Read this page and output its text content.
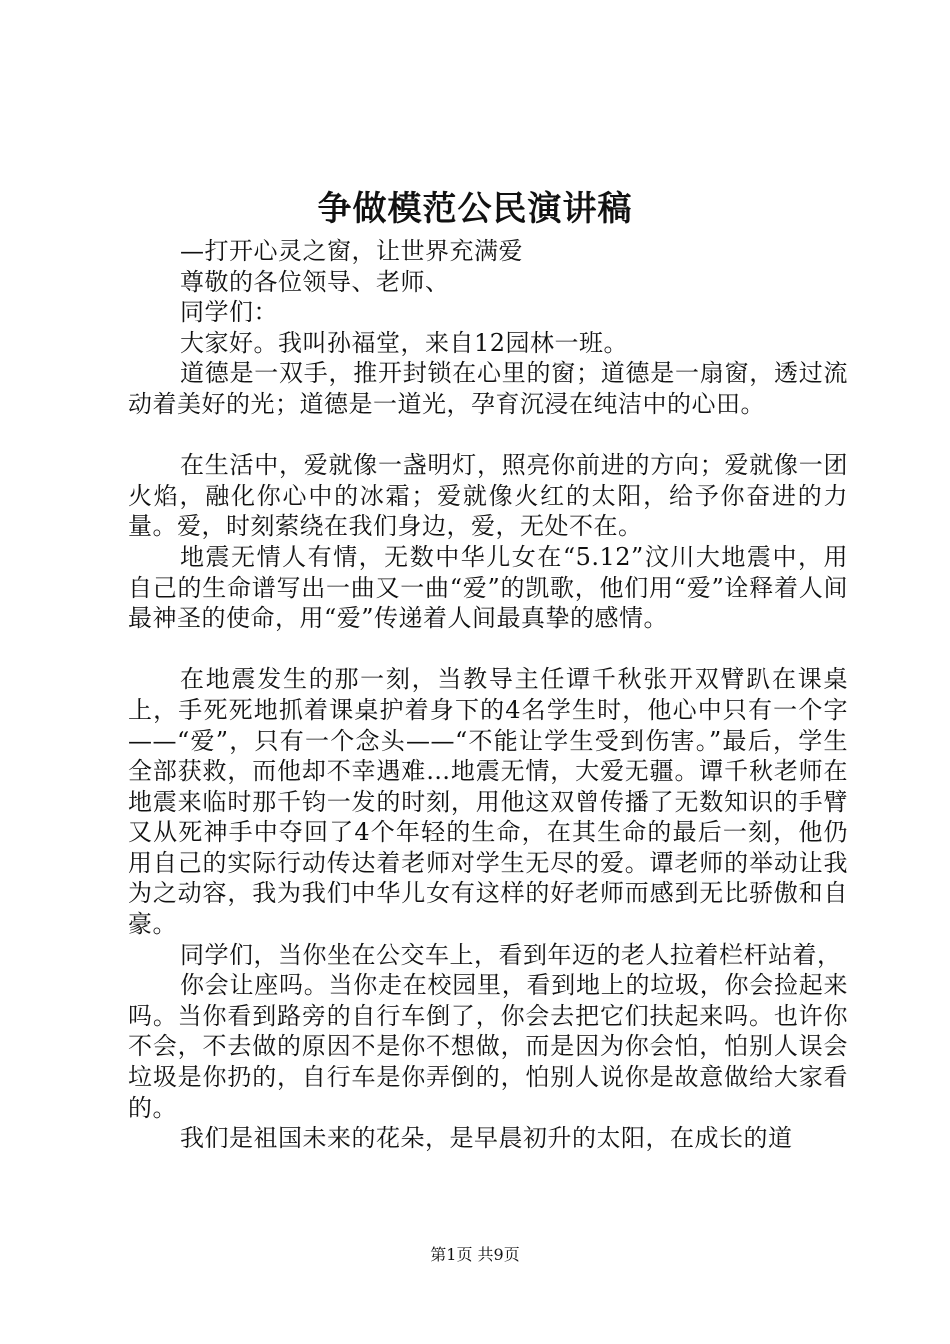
争做模范公民演讲稿

—打开心灵之窗，让世界充满爱

尊敬的各位领导、老师、

同学们：

大家好。我叫孙福堂，来自12园林一班。

道德是一双手，推开封锁在心里的窗；道德是一扇窗，透过流动着美好的光；道德是一道光，孕育沉浸在纯洁中的心田。

在生活中，爱就像一盏明灯，照亮你前进的方向；爱就像一团火焰，融化你心中的冰霜；爱就像火红的太阳，给予你奋进的力量。爱，时刻萦绕在我们身边，爱，无处不在。

地震无情人有情，无数中华儿女在“5.12”汶川大地震中，用自己的生命谱写出一曲又一曲“爱”的凯歌，他们用“爱”诠释着人间最神圣的使命，用“爱”传递着人间最真挚的感情。

在地震发生的那一刻，当教导主任谭千秋张开双臂趴在课桌上，手死死地抓着课桌护着身下的4名学生时，他心中只有一个字——“爱”，只有一个念头——“不能让学生受到伤害。”最后，学生全部获救，而他却不幸遇难…地震无情，大爱无疆。谭千秋老师在地震来临时那千钧一发的时刻，用他这双曾传播了无数知识的手臂又从死神手中夺回了4个年轻的生命，在其生命的最后一刻，他仍用自己的实际行动传达着老师对学生无尽的爱。谭老师的举动让我为之动容，我为我们中华儿女有这样的好老师而感到无比骄傲和自豪。

同学们，当你坐在公交车上，看到年迈的老人拉着栏杆站着，

你会让座吗。当你走在校园里，看到地上的垃圾，你会捡起来吗。当你看到路旁的自行车倒了，你会去把它们扶起来吗。也许你不会，不去做的原因不是你不想做，而是因为你会怕，怕别人误会垃圾是你扔的，自行车是你弄倒的，怕别人说你是故意做给大家看的。

我们是祖国未来的花朵，是早晨初升的太阳，在成长的道

第1页 共9页
